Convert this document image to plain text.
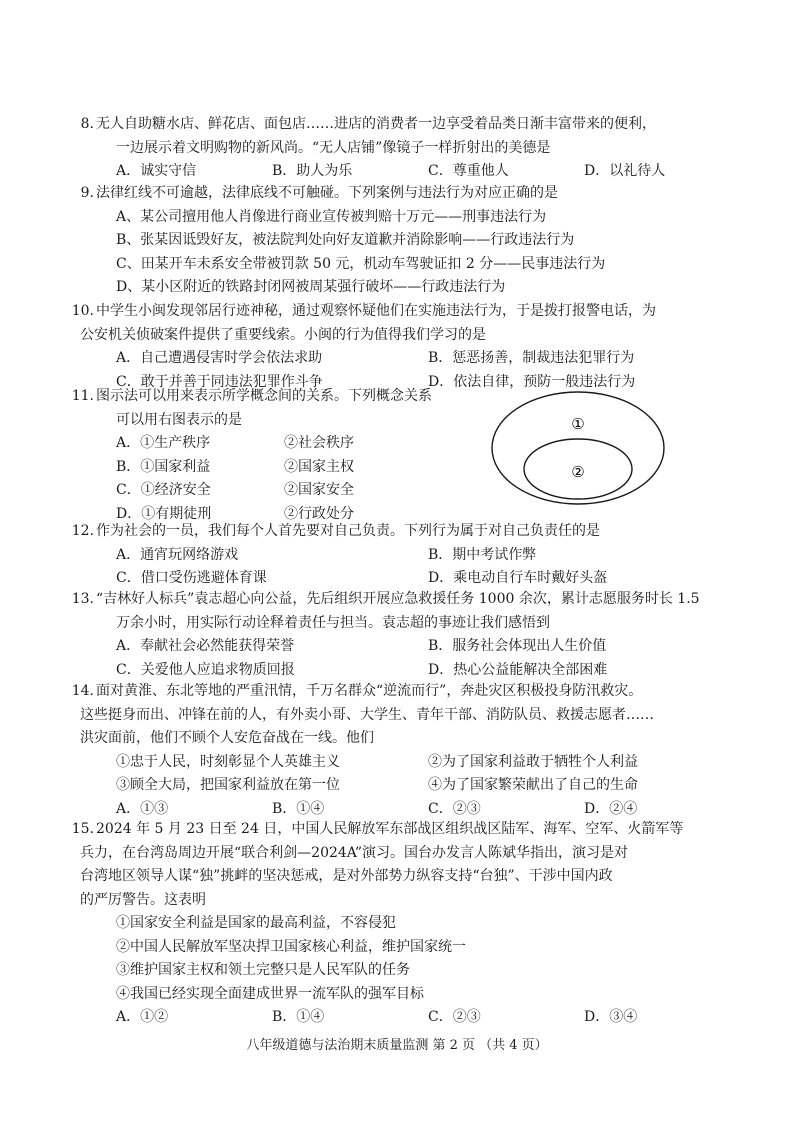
8. 无人自助糖水店、鲜花店、面包店……进店的消费者一边享受着品类日渐丰富带来的便利，
一边展示着文明购物的新风尚。“无人店铺”像镜子一样折射出的美德是
A．诚实守信	B．助人为乐	C．尊重他人	D．以礼待人
9. 法律红线不可逾越，法律底线不可触碰。下列案例与违法行为对应正确的是
A、某公司擅用他人肖像进行商业宣传被判赔十万元——刑事违法行为
B、张某因诋毁好友，被法院判处向好友道歉并消除影响——行政违法行为
C、田某开车未系安全带被罚款 50 元，机动车驾驶证扣 2 分——民事违法行为
D、某小区附近的铁路封闭网被周某强行破坏——行政违法行为
10. 中学生小闽发现邻居行迹神秘，通过观察怀疑他们在实施违法行为，于是拨打报警电话，为
公安机关侦破案件提供了重要线索。小闽的行为值得我们学习的是
A．自己遭遇侵害时学会依法求助	B．惩恶扬善，制裁违法犯罪行为
C．敢于并善于同违法犯罪作斗争	D．依法自律，预防一般违法行为
11. 图示法可以用来表示所学概念间的关系。下列概念关系
可以用右图表示的是
A．①生产秩序	②社会秩序
B．①国家利益	②国家主权
C．①经济安全	②国家安全
D．①有期徒刑	②行政处分
①
②
12. 作为社会的一员，我们每个人首先要对自己负责。下列行为属于对自己负责任的是
A．通宵玩网络游戏	B．期中考试作弊
C．借口受伤逃避体育课	D．乘电动自行车时戴好头盔
13. “吉林好人标兵”袁志超心向公益，先后组织开展应急救援任务 1000 余次，累计志愿服务时长 1.5
万余小时，用实际行动诠释着责任与担当。袁志超的事迹让我们感悟到
A．奉献社会必然能获得荣誉	B．服务社会体现出人生价值
C．关爱他人应追求物质回报	D．热心公益能解决全部困难
14. 面对黄淮、东北等地的严重汛情，千万名群众“逆流而行”，奔赴灾区积极投身防汛救灾。
这些挺身而出、冲锋在前的人，有外卖小哥、大学生、青年干部、消防队员、救援志愿者……
洪灾面前，他们不顾个人安危奋战在一线。他们
①忠于人民，时刻彰显个人英雄主义	②为了国家利益敢于牺牲个人利益
③顾全大局，把国家利益放在第一位	④为了国家繁荣献出了自己的生命
A．①③	B．①④	C．②③	D．②④
15. 2024 年 5 月 23 日至 24 日，中国人民解放军东部战区组织战区陆军、海军、空军、火箭军等
兵力，在台湾岛周边开展“联合利剑—2024A”演习。国台办发言人陈斌华指出，演习是对
台湾地区领导人谋“独”挑衅的坚决惩戒，是对外部势力纵容支持“台独”、干涉中国内政
的严厉警告。这表明
①国家安全利益是国家的最高利益，不容侵犯
②中国人民解放军坚决捍卫国家核心利益，维护国家统一
③维护国家主权和领土完整只是人民军队的任务
④我国已经实现全面建成世界一流军队的强军目标
A．①②	B．①④	C．②③	D．③④
八年级道德与法治期末质量监测 第 2 页 （共 4 页）
